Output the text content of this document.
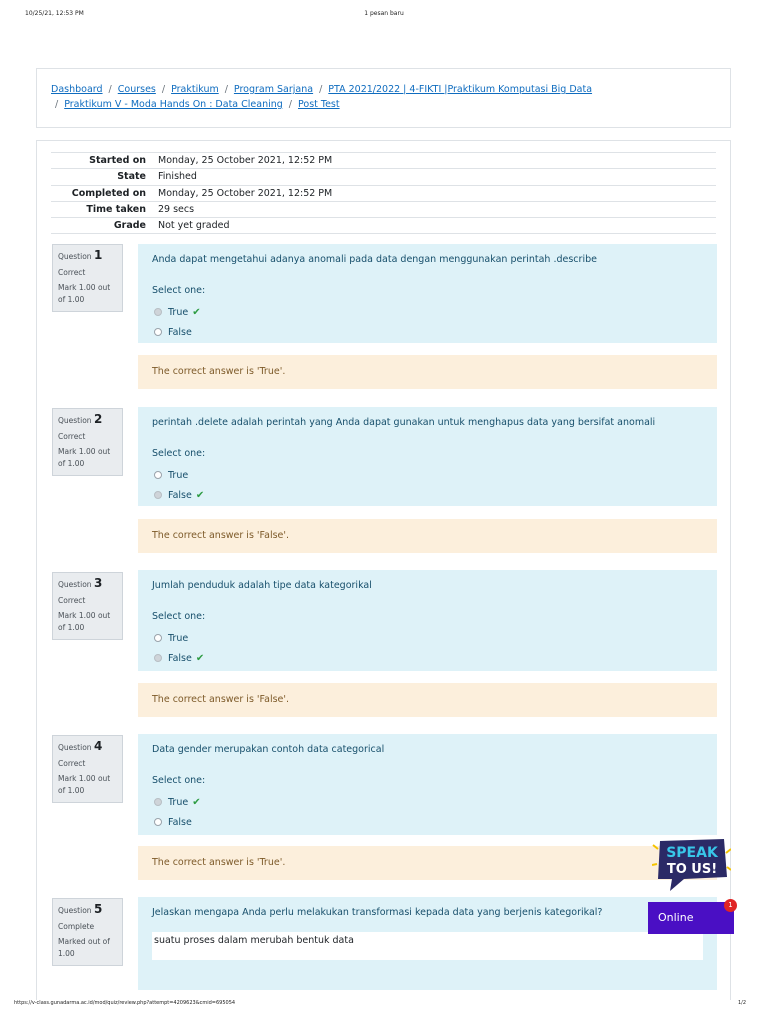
10/25/21, 12:53 PM	1 pesan baru
Dashboard / Courses / Praktikum / Program Sarjana / PTA 2021/2022 | 4-FIKTI |Praktikum Komputasi Big Data
/ Praktikum V - Moda Hands On : Data Cleaning / Post Test
Started on	Monday, 25 October 2021, 12:52 PM
State	Finished
Completed on	Monday, 25 October 2021, 12:52 PM
Time taken	29 secs
Grade	Not yet graded
Question 1
Correct
Mark 1.00 out of 1.00
Anda dapat mengetahui adanya anomali pada data dengan menggunakan perintah .describe
Select one:
True ✔
False
The correct answer is 'True'.
Question 2
Correct
Mark 1.00 out of 1.00
perintah .delete adalah perintah yang Anda dapat gunakan untuk menghapus data yang bersifat anomali
Select one:
True
False ✔
The correct answer is 'False'.
Question 3
Correct
Mark 1.00 out of 1.00
Jumlah penduduk adalah tipe data kategorikal
Select one:
True
False ✔
The correct answer is 'False'.
Question 4
Correct
Mark 1.00 out of 1.00
Data gender merupakan contoh data categorical
Select one:
True ✔
False
The correct answer is 'True'.
Question 5
Complete
Marked out of 1.00
Jelaskan mengapa Anda perlu melakukan transformasi kepada data yang berjenis kategorikal?
suatu proses dalam merubah bentuk data
SPEAK
TO US!
Online
1
https://v-class.gunadarma.ac.id/mod/quiz/review.php?attempt=4209623&cmid=695054	1/2
